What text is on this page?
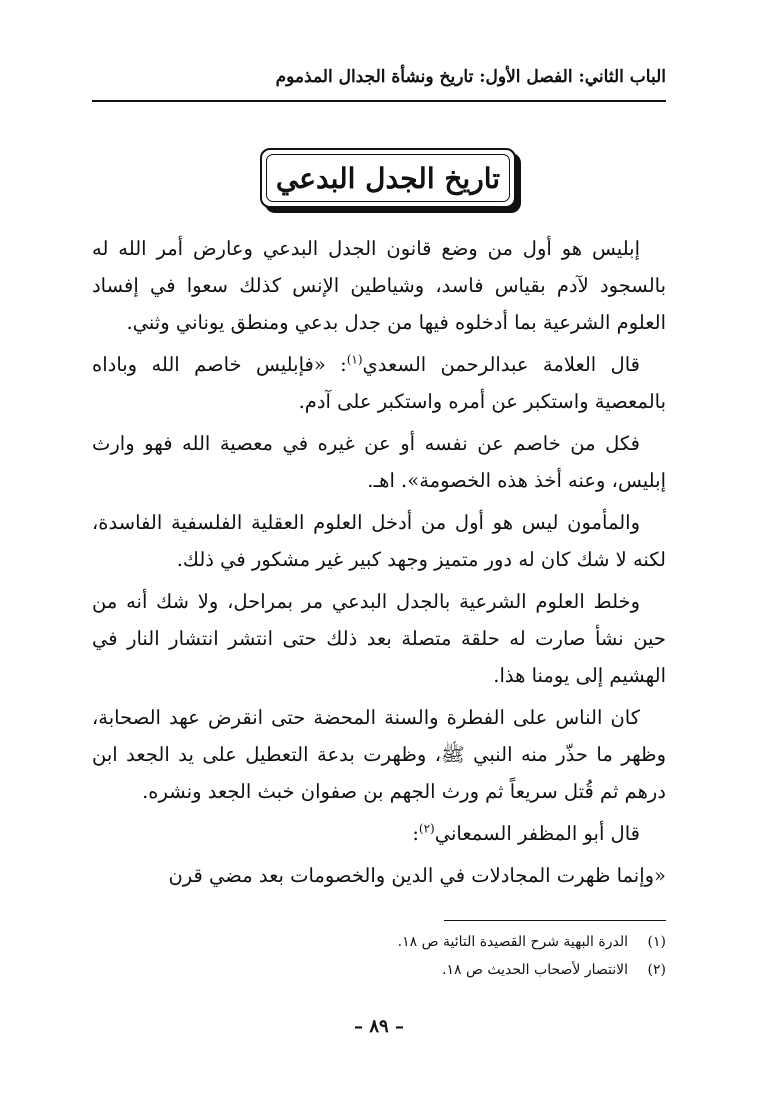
الباب الثاني: الفصل الأول: تاريخ ونشأة الجدال المذموم
تاريخ الجدل البدعي

إبليس هو أول من وضع قانون الجدل البدعي وعارض أمر الله له بالسجود لآدم بقياس فاسد، وشياطين الإنس كذلك سعوا في إفساد العلوم الشرعية بما أدخلوه فيها من جدل بدعي ومنطق يوناني وثني.

قال العلامة عبدالرحمن السعدي$^{(١)}$: «فإبليس خاصم الله وباداه بالمعصية واستكبر عن أمره واستكبر على آدم.

فكل من خاصم عن نفسه أو عن غيره في معصية الله فهو وارث إبليس، وعنه أخذ هذه الخصومة». اهـ.

والمأمون ليس هو أول من أدخل العلوم العقلية الفلسفية الفاسدة، لكنه لا شك كان له دور متميز وجهد كبير غير مشكور في ذلك.

وخلط العلوم الشرعية بالجدل البدعي مر بمراحل، ولا شك أنه من حين نشأ صارت له حلقة متصلة بعد ذلك حتى انتشر انتشار النار في الهشيم إلى يومنا هذا.

كان الناس على الفطرة والسنة المحضة حتى انقرض عهد الصحابة، وظهر ما حذّر منه النبي ﷺ، وظهرت بدعة التعطيل على يد الجعد ابن درهم ثم قُتل سريعاً ثم ورث الجهم بن صفوان خبث الجعد ونشره.

قال أبو المظفر السمعاني$^{(٢)}$:

«وإنما ظهرت المجادلات في الدين والخصومات بعد مضي قرن

(١)الدرة البهية شرح القصيدة التائية ص ١٨.
(٢)الانتصار لأصحاب الحديث ص ١٨.
– ٨٩ –
